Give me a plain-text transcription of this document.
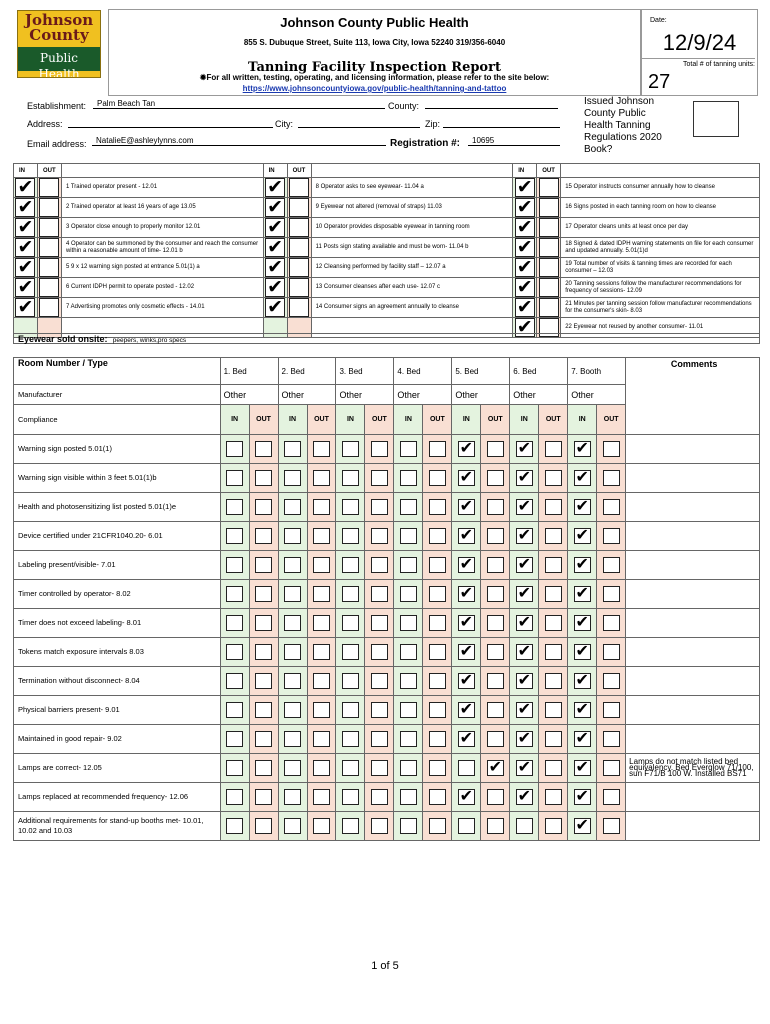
Johnson
County
Public Health
Johnson County Public Health
855 S. Dubuque Street, Suite 113, Iowa City, Iowa 52240 319/356-6040
Tanning Facility Inspection Report
✹For all written, testing, operating, and licensing information, please refer to the site below:
https://www.johnsoncountyiowa.gov/public-health/tanning-and-tattoo
Date:
12/9/24
Total # of tanning units:
27
Establishment:	Palm Beach Tan	County:
Address:	City:	Zip:
Email address:	NatalieE@ashleylynns.com	Registration #:	10695
Issued Johnson County Public Health Tanning Regulations 2020 Book?
IN	OUT		IN	OUT		IN	OUT	
✔		1 Trained operator present - 12.01	✔		8 Operator asks to see eyewear- 11.04 a	✔		15 Operator instructs consumer annually how to cleanse
✔		2 Trained operator at least 16 years of age 13.05	✔		9 Eyewear not altered (removal of straps) 11.03	✔		16 Signs posted in each tanning room on how to cleanse
✔		3 Operator close enough to properly monitor 12.01	✔		10 Operator provides disposable eyewear in tanning room	✔		17 Operator cleans units at least once per day
✔		4 Operator can be summoned by the consumer and reach the consumer within a reasonable amount of time- 12.01 b	✔		11 Posts sign stating available and must be worn- 11.04 b	✔		18 Signed & dated IDPH warning statements on file for each consumer and updated annually. 5.01(1)d
✔		5 9 x 12 warning sign posted at entrance 5.01(1) a	✔		12 Cleansing performed by facility staff – 12.07 a	✔		19 Total number of visits & tanning times are recorded for each consumer – 12.03
✔		6 Current IDPH permit to operate posted - 12.02	✔		13 Consumer cleanses after each use- 12.07 c	✔		20 Tanning sessions follow the manufacturer recommendations for frequency of sessions- 12.09
✔		7 Advertising promotes only cosmetic effects - 14.01	✔		14 Consumer signs an agreement annually to cleanse	✔		21 Minutes per tanning session follow manufacturer recommendations for the consumer's skin- 8.03
						✔		22 Eyewear not reused by another consumer- 11.01
Eyewear sold onsite: peepers, winks,pro specs
Room Number / Type	1. Bed		2. Bed		3. Bed		4. Bed		5. Bed		6. Bed		7. Booth		Comments
Manufacturer	Other		Other		Other		Other		Other		Other		Other		
Compliance	IN	OUT	IN	OUT	IN	OUT	IN	OUT	IN	OUT	IN	OUT	IN	OUT	
Warning sign posted 5.01(1)									✔		✔		✔		
Warning sign visible within 3 feet 5.01(1)b									✔		✔		✔		
Health and photosensitizing list posted 5.01(1)e									✔		✔		✔		
Device certified under 21CFR1040.20- 6.01									✔		✔		✔		
Labeling present/visible- 7.01									✔		✔		✔		
Timer controlled by operator- 8.02									✔		✔		✔		
Timer does not exceed labeling- 8.01									✔		✔		✔		
Tokens match exposure intervals 8.03									✔		✔		✔		
Termination without disconnect- 8.04									✔		✔		✔		
Physical barriers present- 9.01									✔		✔		✔		
Maintained in good repair- 9.02									✔		✔		✔		
Lamps are correct- 12.05										✔	✔		✔		Lamps do not match listed bed equivalency. Bed Everglow 71/100, sun F71/B 100 W. Installed BS71
Lamps replaced at recommended frequency- 12.06									✔		✔		✔		
Additional requirements for stand-up booths met- 10.01, 10.02 and 10.03													✔		
1 of 5
